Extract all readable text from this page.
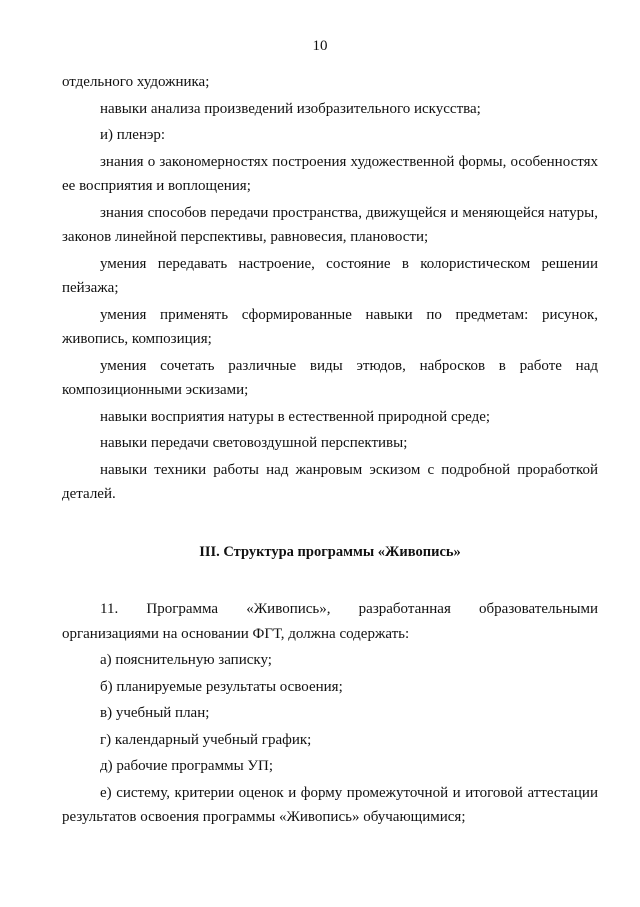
10

отдельного художника;

навыки анализа произведений изобразительного искусства;

и) пленэр:

знания о закономерностях построения художественной формы, особенностях ее восприятия и воплощения;

знания способов передачи пространства, движущейся и меняющейся натуры, законов линейной перспективы, равновесия, плановости;

умения передавать настроение, состояние в колористическом решении пейзажа;

умения применять сформированные навыки по предметам: рисунок, живопись, композиция;

умения сочетать различные виды этюдов, набросков в работе над композиционными эскизами;

навыки восприятия натуры в естественной природной среде;

навыки передачи световоздушной перспективы;

навыки техники работы над жанровым эскизом с подробной проработкой деталей.

III. Структура программы «Живопись»

11. Программа «Живопись», разработанная образовательными организациями на основании ФГТ, должна содержать:

а) пояснительную записку;

б) планируемые результаты освоения;

в) учебный план;

г) календарный учебный график;

д) рабочие программы УП;

е) систему, критерии оценок и форму промежуточной и итоговой аттестации результатов освоения программы «Живопись» обучающимися;
